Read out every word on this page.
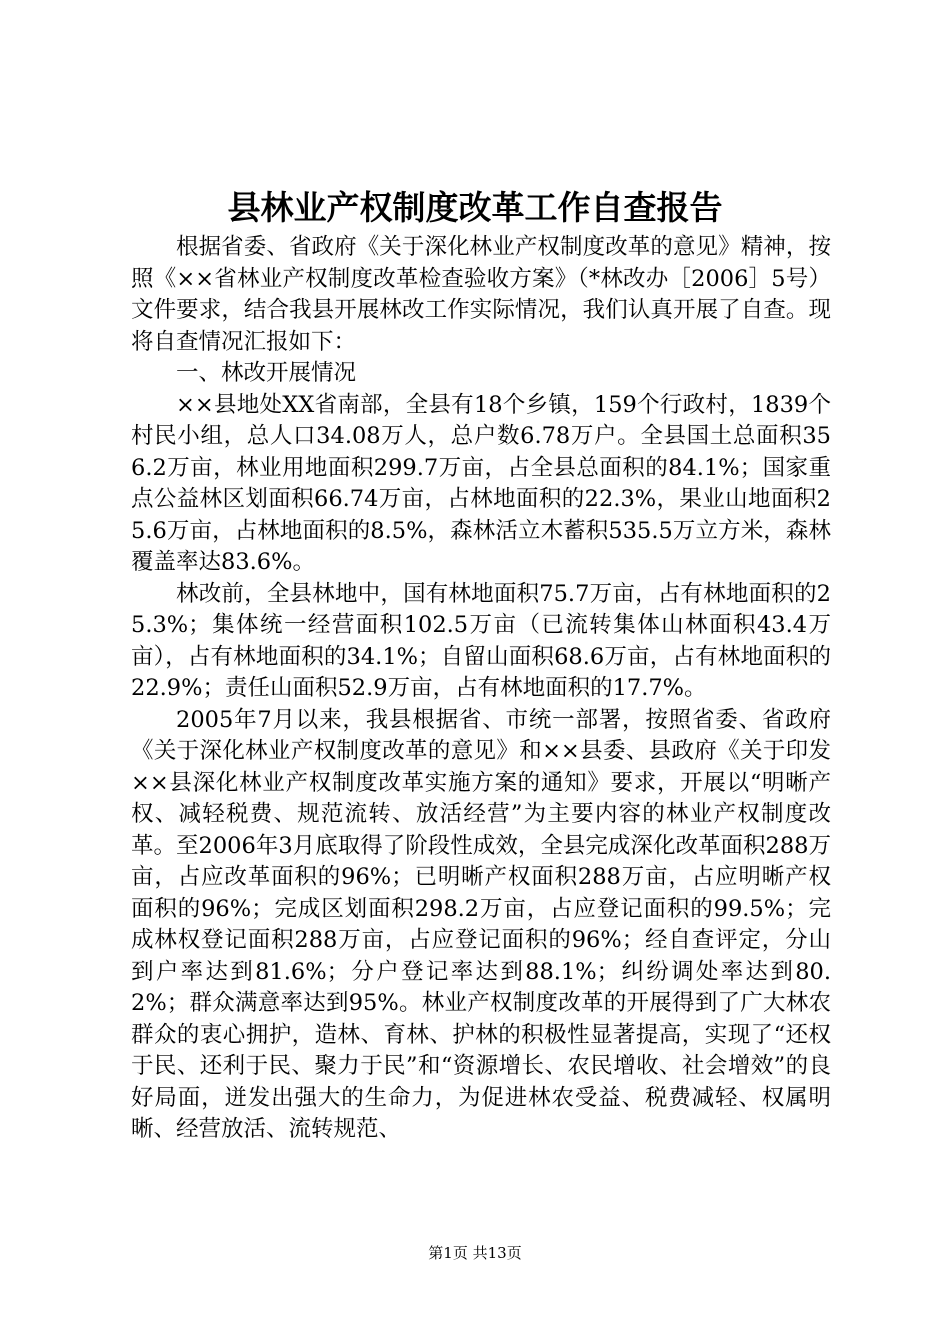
县林业产权制度改革工作自查报告

根据省委、省政府《关于深化林业产权制度改革的意见》精神，按照《××省林业产权制度改革检查验收方案》（*林改办［2006］5号）文件要求，结合我县开展林改工作实际情况，我们认真开展了自查。现将自查情况汇报如下：

一、林改开展情况

××县地处XX省南部，全县有18个乡镇，159个行政村，1839个村民小组，总人口34.08万人，总户数6.78万户。全县国土总面积356.2万亩，林业用地面积299.7万亩，占全县总面积的84.1%；国家重点公益林区划面积66.74万亩，占林地面积的22.3%，果业山地面积25.6万亩，占林地面积的8.5%，森林活立木蓄积535.5万立方米，森林覆盖率达83.6%。

林改前，全县林地中，国有林地面积75.7万亩，占有林地面积的25.3%；集体统一经营面积102.5万亩（已流转集体山林面积43.4万亩），占有林地面积的34.1%；自留山面积68.6万亩，占有林地面积的22.9%；责任山面积52.9万亩，占有林地面积的17.7%。

2005年7月以来，我县根据省、市统一部署，按照省委、省政府《关于深化林业产权制度改革的意见》和××县委、县政府《关于印发××县深化林业产权制度改革实施方案的通知》要求，开展以“明晰产权、减轻税费、规范流转、放活经营”为主要内容的林业产权制度改革。至2006年3月底取得了阶段性成效，全县完成深化改革面积288万亩，占应改革面积的96%；已明晰产权面积288万亩，占应明晰产权面积的96%；完成区划面积298.2万亩，占应登记面积的99.5%；完成林权登记面积288万亩，占应登记面积的96%；经自查评定，分山到户率达到81.6%；分户登记率达到88.1%；纠纷调处率达到80.2%；群众满意率达到95%。林业产权制度改革的开展得到了广大林农群众的衷心拥护，造林、育林、护林的积极性显著提高，实现了“还权于民、还利于民、聚力于民”和“资源增长、农民增收、社会增效”的良好局面，迸发出强大的生命力，为促进林农受益、税费减轻、权属明晰、经营放活、流转规范、

第1页 共13页
